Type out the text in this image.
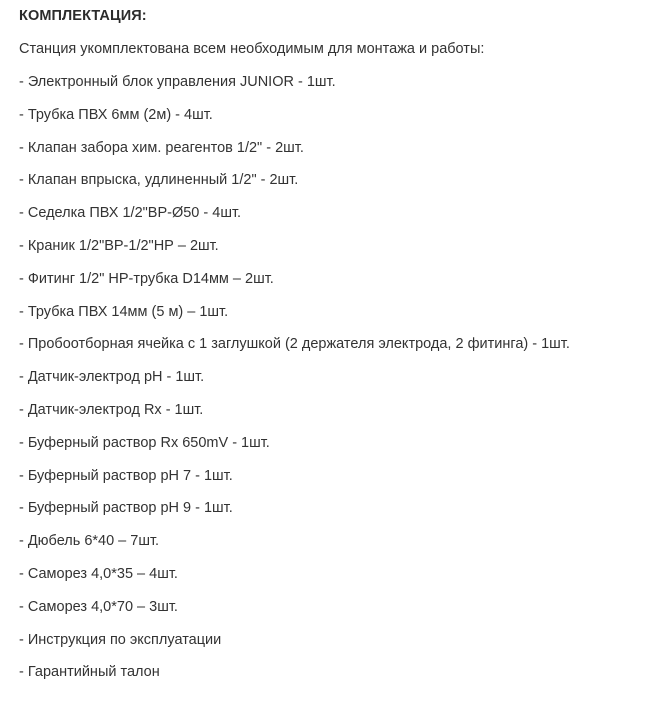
КОМПЛЕКТАЦИЯ:

Станция укомплектована всем необходимым для монтажа и работы:

- Электронный блок управления JUNIOR - 1шт.
- Трубка ПВХ 6мм (2м) - 4шт.
- Клапан забора хим. реагентов 1/2" - 2шт.
- Клапан впрыска, удлиненный 1/2" - 2шт.
- Седелка ПВХ 1/2"ВР-Ø50 - 4шт.
- Краник 1/2"ВР-1/2"НР – 2шт.
- Фитинг 1/2" НР-трубка D14мм – 2шт.
- Трубка ПВХ 14мм (5 м) – 1шт.
- Пробоотборная ячейка с 1 заглушкой (2 держателя электрода, 2 фитинга) - 1шт.
- Датчик-электрод рН - 1шт.
- Датчик-электрод Rx - 1шт.
- Буферный раствор Rx 650mV - 1шт.
- Буферный раствор рН 7 - 1шт.
- Буферный раствор рН 9 - 1шт.
- Дюбель 6*40 – 7шт.
- Саморез 4,0*35 – 4шт.
- Саморез 4,0*70 – 3шт.
- Инструкция по эксплуатации
- Гарантийный талон
